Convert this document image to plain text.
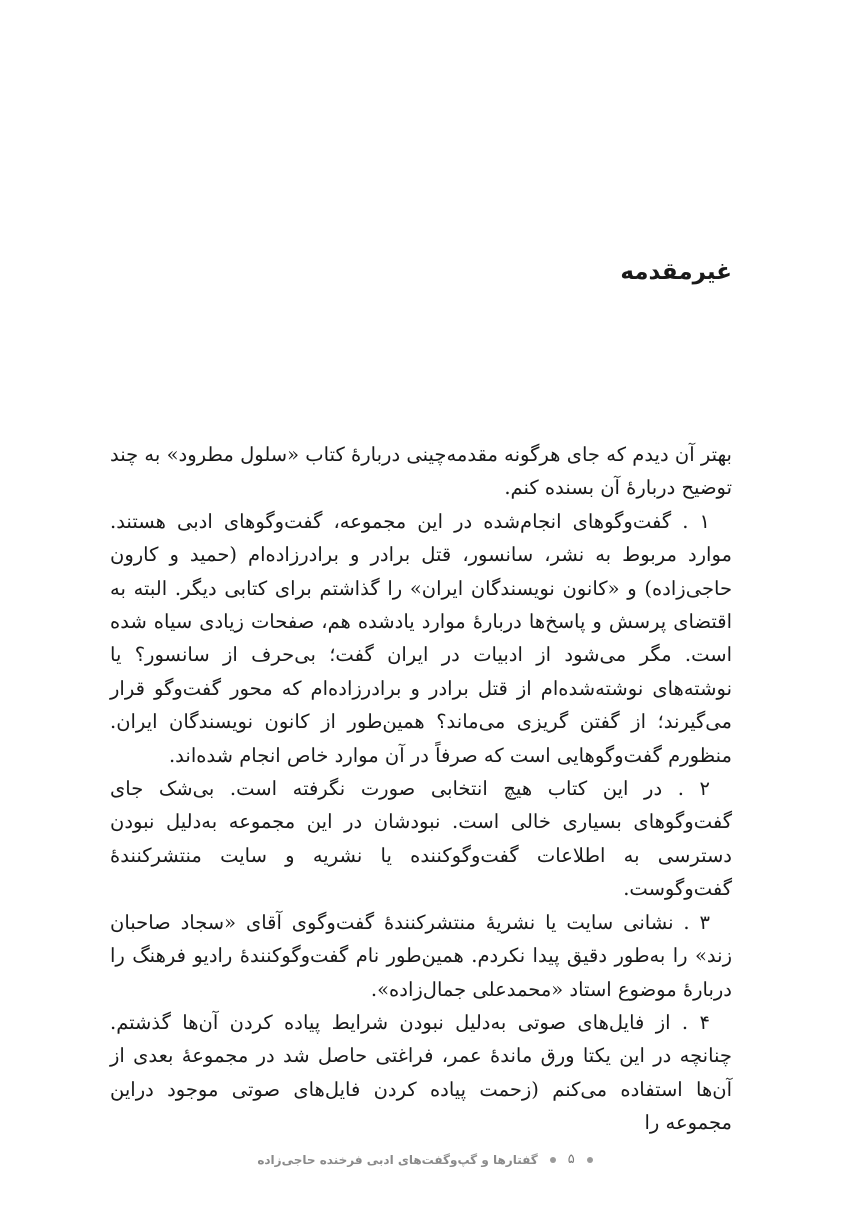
غیرمقدمه

بهتر آن دیدم که جای هرگونه مقدمه‌چینی دربارهٔ کتاب «سلول مطرود» به چند توضیح دربارهٔ آن بسنده کنم.

۱ . گفت‌وگوهای انجام‌شده در این مجموعه، گفت‌وگوهای ادبی هستند. موارد مربوط به نشر، سانسور، قتل برادر و برادرزاده‌ام (حمید و کارون حاجی‌زاده) و «کانون نویسندگان ایران» را گذاشتم برای کتابی دیگر. البته به اقتضای پرسش و پاسخ‌ها دربارهٔ موارد یادشده هم، صفحات زیادی سیاه شده است. مگر می‌شود از ادبیات در ایران گفت؛ بی‌حرف از سانسور؟ یا نوشته‌های نوشته‌شده‌ام از قتل برادر و برادرزاده‌ام که محور گفت‌وگو قرار می‌گیرند؛ از گفتن گریزی می‌ماند؟ همین‌طور از کانون نویسندگان ایران. منظورم گفت‌وگوهایی است که صرفاً در آن موارد خاص انجام شده‌اند.

۲ . در این کتاب هیچ انتخابی صورت نگرفته است. بی‌شک جای گفت‌وگوهای بسیاری خالی است. نبودشان در این مجموعه به‌دلیل نبودن دسترسی به اطلاعات گفت‌وگوکننده یا نشریه و سایت منتشرکنندهٔ گفت‌وگوست.

۳ . نشانی سایت یا نشریهٔ منتشرکنندهٔ گفت‌وگوی آقای «سجاد صاحبان زند» را به‌طور دقیق پیدا نکردم. همین‌طور نام گفت‌وگوکنندهٔ رادیو فرهنگ را دربارهٔ موضوع استاد «محمدعلی جمال‌زاده».

۴ . از فایل‌های صوتی به‌دلیل نبودن شرایط پیاده کردن آن‌ها گذشتم. چنانچه در این یکتا ورق ماندهٔ عمر، فراغتی حاصل شد در مجموعهٔ بعدی از آن‌ها استفاده می‌کنم (زحمت پیاده کردن فایل‌های صوتی موجود دراین مجموعه را

۵
گفتارها و گپ‌وگفت‌های ادبی فرخنده حاجی‌زاده
